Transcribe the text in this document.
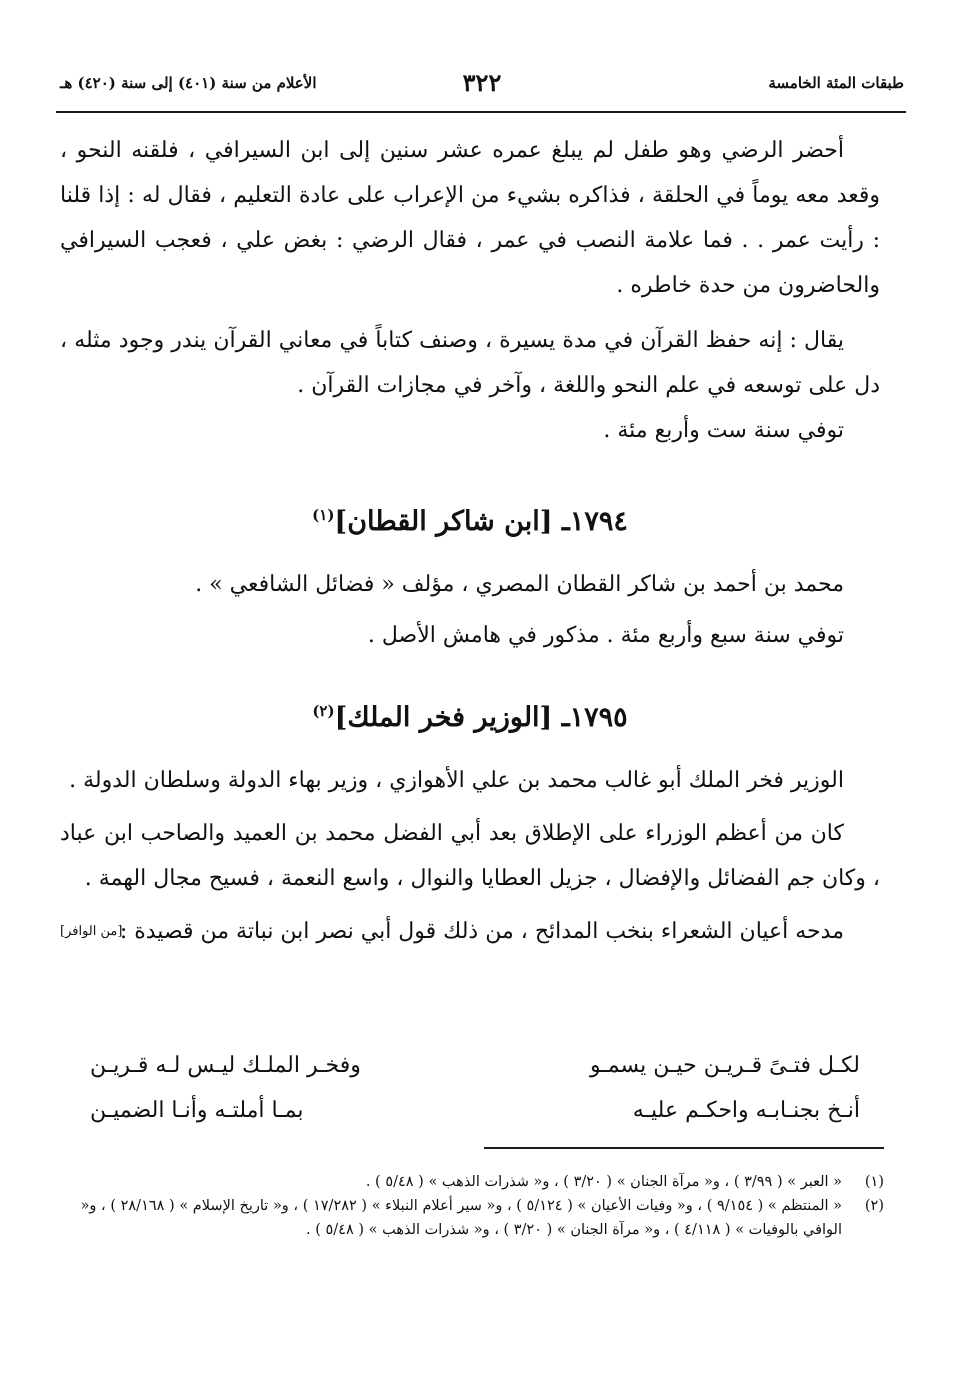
طبقات المئة الخامسة
٣٢٢
الأعلام من سنة (٤٠١) إلى سنة (٤٢٠) هـ

أحضر الرضي وهو طفل لم يبلغ عمره عشر سنين إلى ابن السيرافي ، فلقنه النحو ، وقعد معه يوماً في الحلقة ، فذاكره بشيء من الإعراب على عادة التعليم ، فقال له : إذا قلنا : رأيت عمر . . فما علامة النصب في عمر ، فقال الرضي : بغض علي ، فعجب السيرافي والحاضرون من حدة خاطره .

يقال : إنه حفظ القرآن في مدة يسيرة ، وصنف كتاباً في معاني القرآن يندر وجود مثله ، دل على توسعه في علم النحو واللغة ، وآخر في مجازات القرآن .

توفي سنة ست وأربع مئة .

١٧٩٤ـ [ابن شاكر القطان]$^{(١)}$

محمد بن أحمد بن شاكر القطان المصري ، مؤلف « فضائل الشافعي » .

توفي سنة سبع وأربع مئة . مذكور في هامش الأصل .

١٧٩٥ـ [الوزير فخر الملك]$^{(٢)}$

الوزير فخر الملك أبو غالب محمد بن علي الأهوازي ، وزير بهاء الدولة وسلطان الدولة .

كان من أعظم الوزراء على الإطلاق بعد أبي الفضل محمد بن العميد والصاحب ابن عباد ، وكان جم الفضائل والإفضال ، جزيل العطايا والنوال ، واسع النعمة ، فسيح مجال الهمة .

مدحه أعيان الشعراء بنخب المدائح ، من ذلك قول أبي نصر ابن نباتة من قصيدة :
[من الوافر]

لكـل فتـىً قـريـن حيـن يسمـو
وفخـر الملـك ليـس لـه قـريـن
أنـخ بجنـابـه واحكـم عليـه
بمـا أملتـه وأنـا الضميـن

(١)
« العبر » ( ٣/٩٩ ) ، و« مرآة الجنان » ( ٣/٢٠ ) ، و« شذرات الذهب » ( ٥/٤٨ ) .

(٢)
« المنتظم » ( ٩/١٥٤ ) ، و« وفيات الأعيان » ( ٥/١٢٤ ) ، و« سير أعلام النبلاء » ( ١٧/٢٨٢ ) ، و« تاريخ الإسلام » ( ٢٨/١٦٨ ) ، و« الوافي بالوفيات » ( ٤/١١٨ ) ، و« مرآة الجنان » ( ٣/٢٠ ) ، و« شذرات الذهب » ( ٥/٤٨ ) .
